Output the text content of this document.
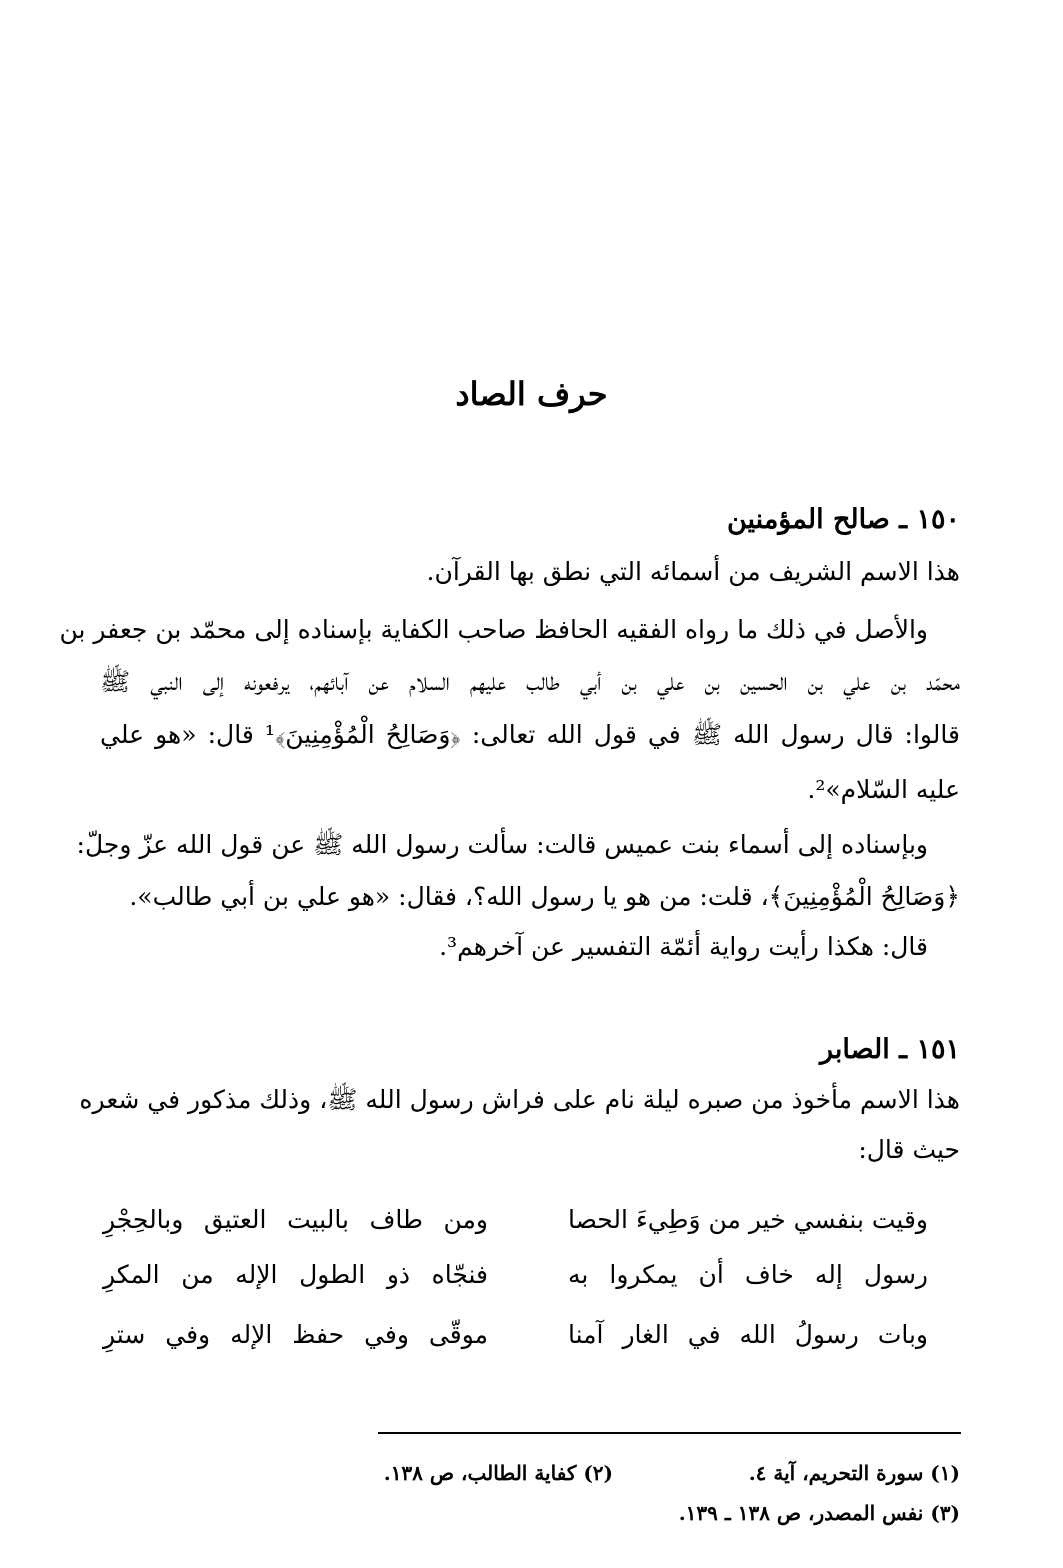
حرف الصاد
١٥٠ ـ صالح المؤمنين
هذا الاسم الشريف من أسمائه التي نطق بها القرآن.
والأصل في ذلك ما رواه الفقيه الحافظ صاحب الكفاية بإسناده إلى محمّد بن جعفر بن
محمّد بن علي بن الحسين بن علي بن أبي طالب عليهم السلام عن آبائهم، يرفعونه إلى النبي ﷺ
قالوا: قال رسول الله ﷺ في قول الله تعالى: ﴿وَصَالِحُ الْمُؤْمِنِينَ﴾¹ قال: «هو علي
عليه السّلام»².
وبإسناده إلى أسماء بنت عميس قالت: سألت رسول الله ﷺ عن قول الله عزّ وجلّ:
﴿وَصَالِحُ الْمُؤْمِنِينَ﴾، قلت: من هو يا رسول الله؟، فقال: «هو علي بن أبي طالب».
قال: هكذا رأيت رواية أئمّة التفسير عن آخرهم³.
١٥١ ـ الصابر
هذا الاسم مأخوذ من صبره ليلة نام على فراش رسول الله ﷺ، وذلك مذكور في شعره
حيث قال:
وقيت بنفسي خير من وَطِيءَ الحصا
ومن طاف بالبيت العتيق وبالحِجْرِ
رسول إله خاف أن يمكروا به
فنجّاه ذو الطول الإله من المكرِ
وبات رسولُ الله في الغار آمنا
موقّى وفي حفظ الإله وفي سترِ
(١) سورة التحريم، آية ٤.
(٢) كفاية الطالب، ص ١٣٨.
(٣) نفس المصدر، ص ١٣٨ ـ ١٣٩.
